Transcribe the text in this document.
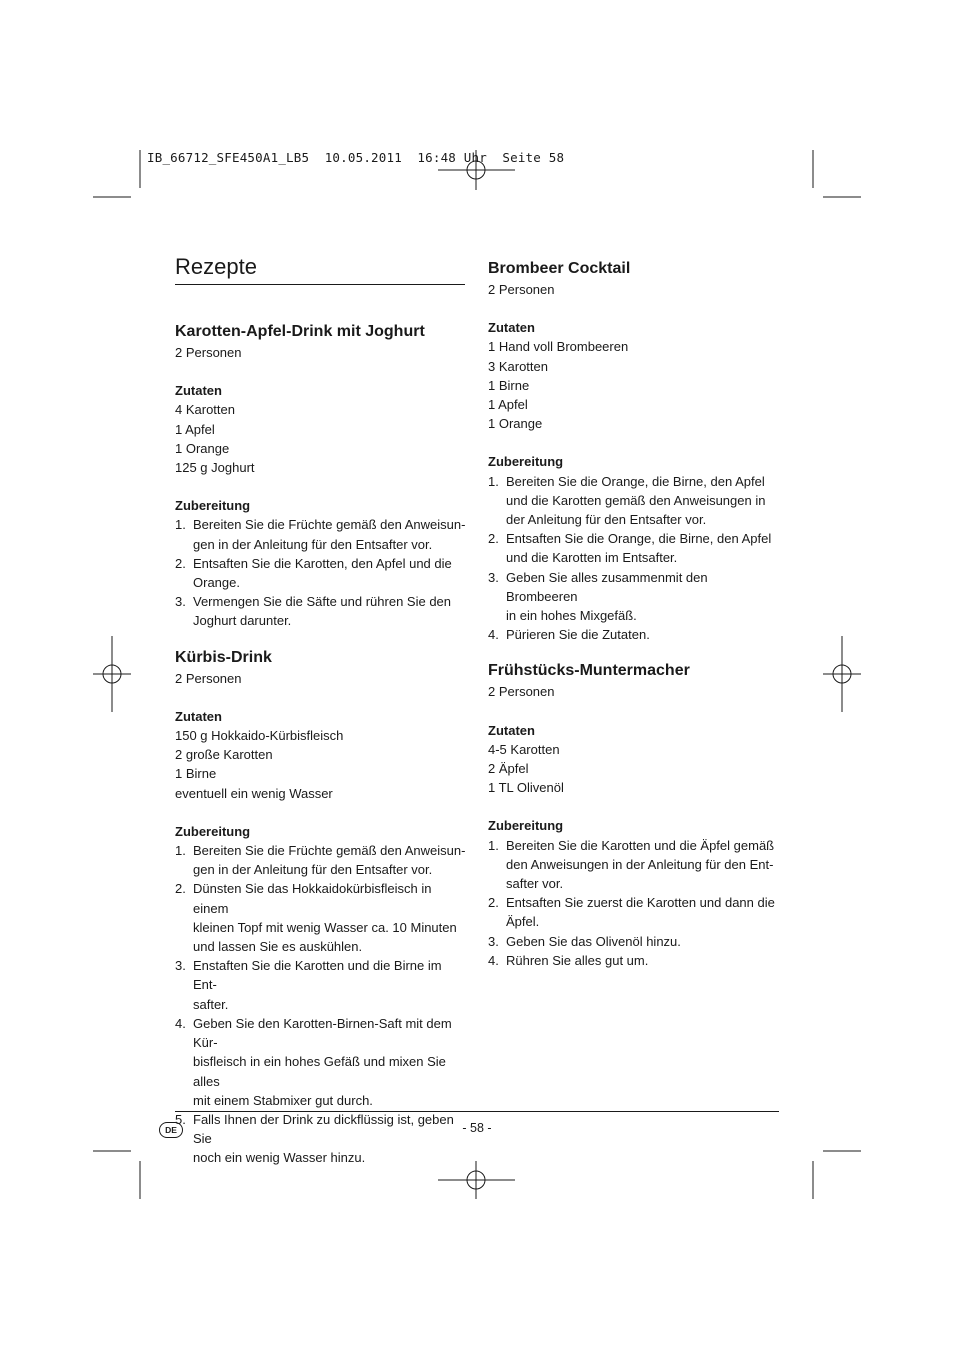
IB_66712_SFE450A1_LB5  10.05.2011  16:48 Uhr  Seite 58
Rezepte
Karotten-Apfel-Drink mit Joghurt

2 Personen

Zutaten

4 Karotten
1 Apfel
1 Orange
125 g Joghurt

Zubereitung

1. Bereiten Sie die Früchte gemäß den Anweisun-
gen in der Anleitung für den Entsafter vor.
2. Entsaften Sie die Karotten, den Apfel und die
Orange.
3. Vermengen Sie die Säfte und rühren Sie den
Joghurt darunter.
Kürbis-Drink

2 Personen

Zutaten

150 g Hokkaido-Kürbisfleisch
2 große Karotten
1 Birne
eventuell ein wenig Wasser

Zubereitung

1. Bereiten Sie die Früchte gemäß den Anweisun-
gen in der Anleitung für den Entsafter vor.
2. Dünsten Sie das Hokkaidokürbisfleisch in einem
kleinen Topf mit wenig Wasser ca. 10 Minuten
und lassen Sie es auskühlen.
3. Enstaften Sie die Karotten und die Birne im Ent-
safter.
4. Geben Sie den Karotten-Birnen-Saft mit dem Kür-
bisfleisch in ein hohes Gefäß und mixen Sie alles
mit einem Stabmixer gut durch.
5. Falls Ihnen der Drink zu dickflüssig ist, geben Sie
noch ein wenig Wasser hinzu.
Brombeer Cocktail

2 Personen

Zutaten

1 Hand voll Brombeeren
3 Karotten
1 Birne
1 Apfel
1 Orange

Zubereitung

1. Bereiten Sie die Orange, die Birne, den Apfel
und die Karotten gemäß den Anweisungen in
der Anleitung für den Entsafter vor.
2. Entsaften Sie die Orange, die Birne, den Apfel
und die Karotten im Entsafter.
3. Geben Sie alles zusammenmit den Brombeeren
in ein hohes Mixgefäß.
4. Pürieren Sie die Zutaten.
Frühstücks-Muntermacher

2 Personen

Zutaten

4-5 Karotten
2 Äpfel
1 TL Olivenöl

Zubereitung

1. Bereiten Sie die Karotten und die Äpfel gemäß
den Anweisungen in der Anleitung für den Ent-
safter vor.
2. Entsaften Sie zuerst die Karotten und dann die
Äpfel.
3. Geben Sie das Olivenöl hinzu.
4. Rühren Sie alles gut um.
DE	- 58 -
